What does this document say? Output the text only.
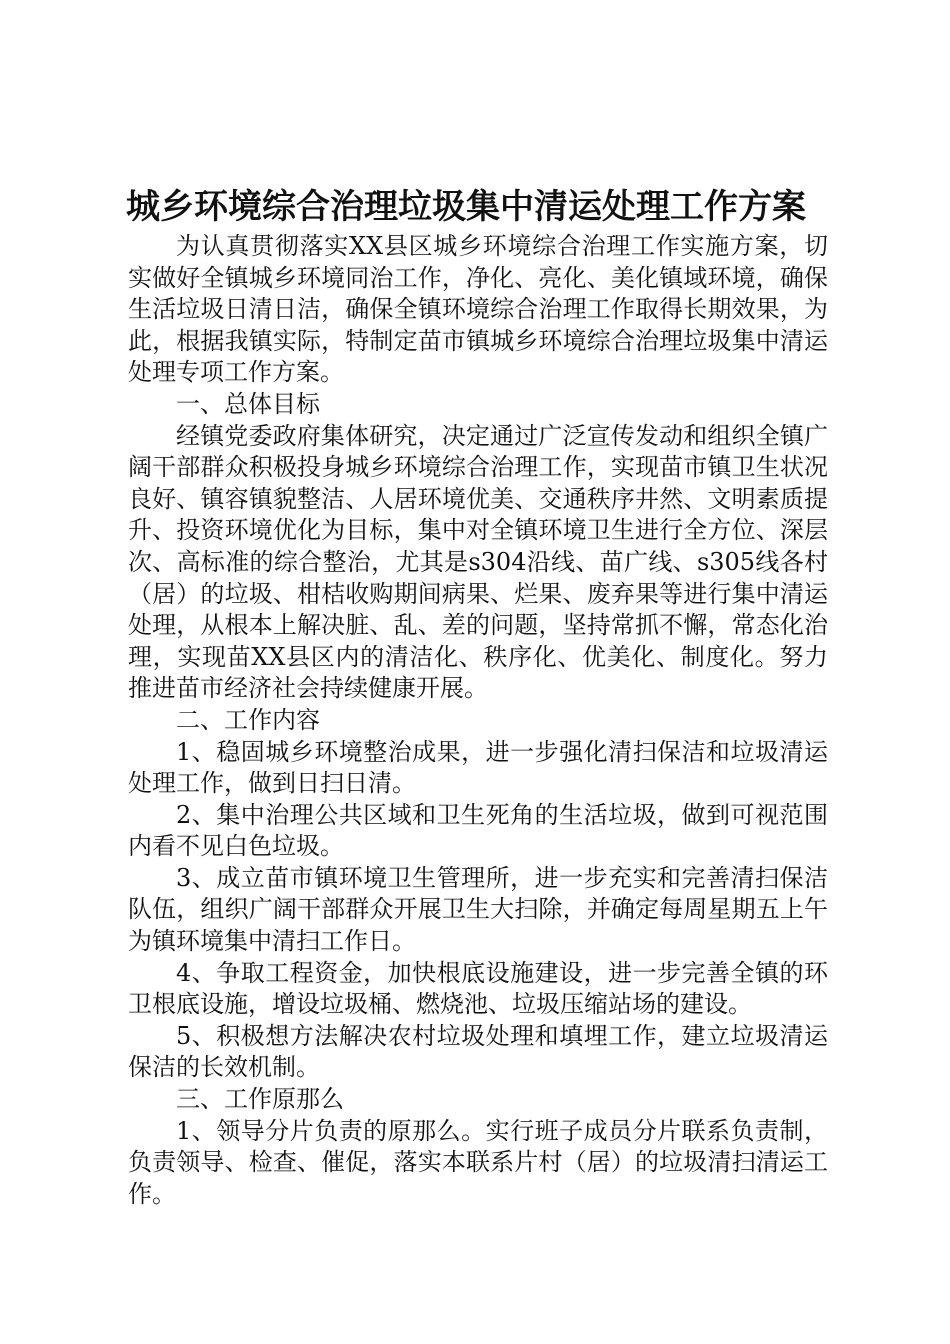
城乡环境综合治理垃圾集中清运处理工作方案

为认真贯彻落实XX县区城乡环境综合治理工作实施方案，切实做好全镇城乡环境同治工作，净化、亮化、美化镇域环境，确保生活垃圾日清日洁，确保全镇环境综合治理工作取得长期效果，为此，根据我镇实际，特制定苗市镇城乡环境综合治理垃圾集中清运处理专项工作方案。

一、总体目标

经镇党委政府集体研究，决定通过广泛宣传发动和组织全镇广阔干部群众积极投身城乡环境综合治理工作，实现苗市镇卫生状况良好、镇容镇貌整洁、人居环境优美、交通秩序井然、文明素质提升、投资环境优化为目标，集中对全镇环境卫生进行全方位、深层次、高标准的综合整治，尤其是s304沿线、苗广线、s305线各村（居）的垃圾、柑桔收购期间病果、烂果、废弃果等进行集中清运处理，从根本上解决脏、乱、差的问题，坚持常抓不懈，常态化治理，实现苗XX县区内的清洁化、秩序化、优美化、制度化。努力推进苗市经济社会持续健康开展。

二、工作内容

1、稳固城乡环境整治成果，进一步强化清扫保洁和垃圾清运处理工作，做到日扫日清。

2、集中治理公共区域和卫生死角的生活垃圾，做到可视范围内看不见白色垃圾。

3、成立苗市镇环境卫生管理所，进一步充实和完善清扫保洁队伍，组织广阔干部群众开展卫生大扫除，并确定每周星期五上午为镇环境集中清扫工作日。

4、争取工程资金，加快根底设施建设，进一步完善全镇的环卫根底设施，增设垃圾桶、燃烧池、垃圾压缩站场的建设。

5、积极想方法解决农村垃圾处理和填埋工作，建立垃圾清运保洁的长效机制。

三、工作原那么

1、领导分片负责的原那么。实行班子成员分片联系负责制，负责领导、检查、催促，落实本联系片村（居）的垃圾清扫清运工作。
